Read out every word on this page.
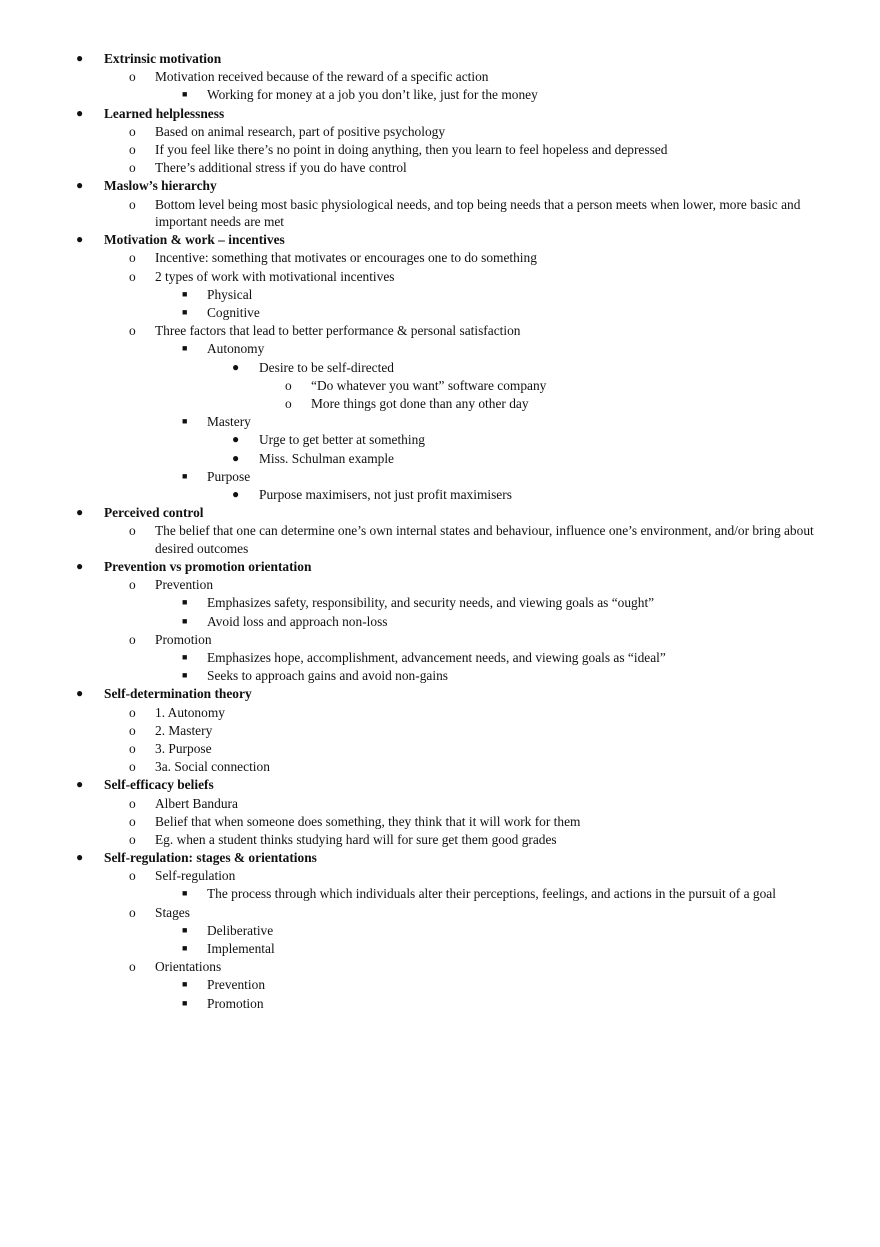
● Extrinsic motivation
o Motivation received because of the reward of a specific action
■ Working for money at a job you don’t like, just for the money
● Learned helplessness
o Based on animal research, part of positive psychology
o If you feel like there’s no point in doing anything, then you learn to feel hopeless and depressed
o There’s additional stress if you do have control
● Maslow’s hierarchy
o Bottom level being most basic physiological needs, and top being needs that a person meets when lower, more basic and important needs are met
● Motivation & work – incentives
o Incentive: something that motivates or encourages one to do something
o 2 types of work with motivational incentives
■ Physical
■ Cognitive
o Three factors that lead to better performance & personal satisfaction
■ Autonomy
● Desire to be self-directed
o “Do whatever you want” software company
o More things got done than any other day
■ Mastery
● Urge to get better at something
● Miss. Schulman example
■ Purpose
● Purpose maximisers, not just profit maximisers
● Perceived control
o The belief that one can determine one’s own internal states and behaviour, influence one’s environment, and/or bring about desired outcomes
● Prevention vs promotion orientation
o Prevention
■ Emphasizes safety, responsibility, and security needs, and viewing goals as “ought”
■ Avoid loss and approach non-loss
o Promotion
■ Emphasizes hope, accomplishment, advancement needs, and viewing goals as “ideal”
■ Seeks to approach gains and avoid non-gains
● Self-determination theory
o 1. Autonomy
o 2. Mastery
o 3. Purpose
o 3a. Social connection
● Self-efficacy beliefs
o Albert Bandura
o Belief that when someone does something, they think that it will work for them
o Eg. when a student thinks studying hard will for sure get them good grades
● Self-regulation: stages & orientations
o Self-regulation
■ The process through which individuals alter their perceptions, feelings, and actions in the pursuit of a goal
o Stages
■ Deliberative
■ Implemental
o Orientations
■ Prevention
■ Promotion
